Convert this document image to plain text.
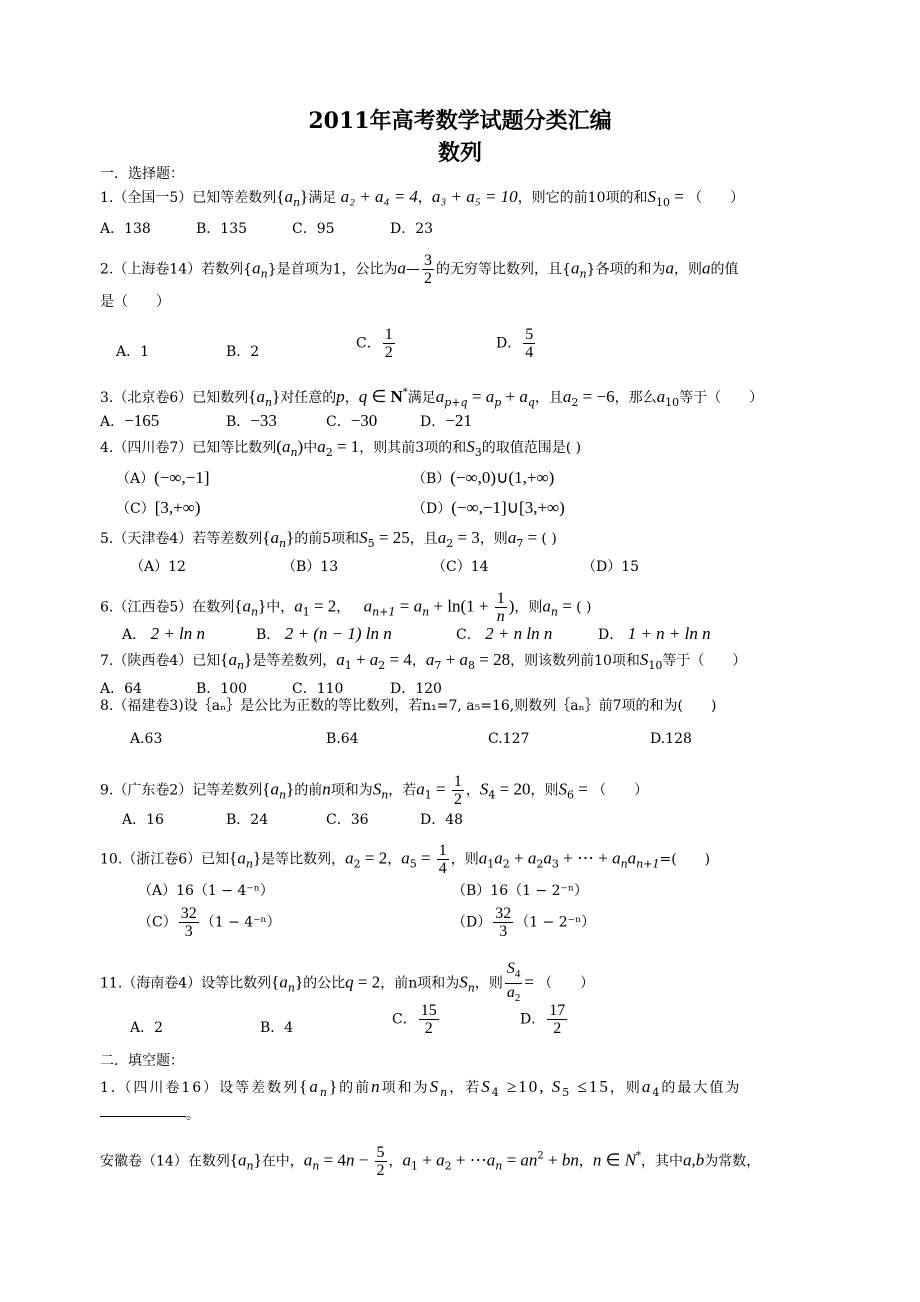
2011年高考数学试题分类汇编
数列
一．选择题：
1.（全国一5）已知等差数列$\{a_n\}$满足 a₂ + a₄ = 4，a₃ + a₅ = 10，则它的前10项的和$S_{10}$ = （　　）
A．138	B．135	C．95	D．23
2.（上海卷14）若数列$\{a_n\}$是首项为1，公比为a— $\frac{3}{2}$ 的无穷等比数列，且$\{a_n\}$各项的和为a，则a的值
是（　　）
A．1	B．2
C． $\frac{1}{2}$	D． $\frac{5}{4}$
3.（北京卷6）已知数列$\{a_n\}$对任意的p，q ∈ N*满足$a_{p+q} = a_p + a_q$，且$a_2 = -6$，那么$a_{10}$等于（　　）
A．−165	B．−33	C．−30	D．−21
4.（四川卷7）已知等比数列$(a_n)$中$a_2 = 1$，则其前3项的和$S_3$的取值范围是( )
（A）(−∞,−1]	（B）(−∞,0)∪(1,+∞)
（C）[3,+∞)	（D）(−∞,−1]∪[3,+∞)
5.（天津卷4）若等差数列$\{a_n\}$的前5项和$S_5 = 25$，且$a_2 = 3$，则$a_7$ = ( )
（A）12	（B）13	（C）14	（D）15
6.（江西卷5）在数列$\{a_n\}$中，$a_1 = 2$，   $a_{n+1} = a_n + \ln(1 + \frac{1}{n}$ )，则$a_n$ = ( )
A． 2 + ln n	B． 2 + (n − 1) ln n	C． 2 + n ln n	D． 1 + n + ln n
7.（陕西卷4）已知$\{a_n\}$是等差数列，$a_1 + a_2 = 4$，$a_7 + a_8 = 28$，则该数列前10项和$S_{10}$等于（　　）
A．64	B．100	C．110	D．120
8.（福建卷3)设｛aₙ｝是公比为正数的等比数列，若n₁=7, a₅=16,则数列｛aₙ｝前7项的和为(　　)
A.63	B.64	C.127	D.128
9.（广东卷2）记等差数列$\{a_n\}$的前n项和为$S_n$，若$a_1 = \frac{1}{2}$ ，$S_4 = 20$，则$S_6$ = （　　）
A．16	B．24	C．36	D．48
10.（浙江卷6）已知$\{a_n\}$是等比数列，$a_2 = 2$，$a_5 = \frac{1}{4}$ ，则$a_1a_2 + a_2a_3$ + ⋯ + $a_na_{n+1}=$(　　)
（A）16（1 − 4⁻ⁿ）	（B）16（1 − 2⁻ⁿ）
$(C) \frac{32}{3} (1 - 4^{-n})$	$(D) \frac{32}{3} (1 - 2^{-n})$
11.（海南卷4）设等比数列$\{a_n\}$的公比q = 2，前n项和为$S_n$，则 $\frac{S_4}{a_2}$ = （　　）
A．2	B．4
C． $\frac{15}{2}$	D． $\frac{17}{2}$
二．填空题：
1.（四川卷16）设等差数列$\{a_n\}$的前n项和为$S_n$，若$S_4 \ge 10$, $S_5 \le 15$，则$a_4$的最大值为
。
安徽卷（14）在数列$\{a_n\}$在中，$a_n = 4n - \frac{5}{2}$ ，$a_1 + a_2$ + $\cdots a_n = an^2$ + bn，n ∈ N*，其中a,b为常数，
